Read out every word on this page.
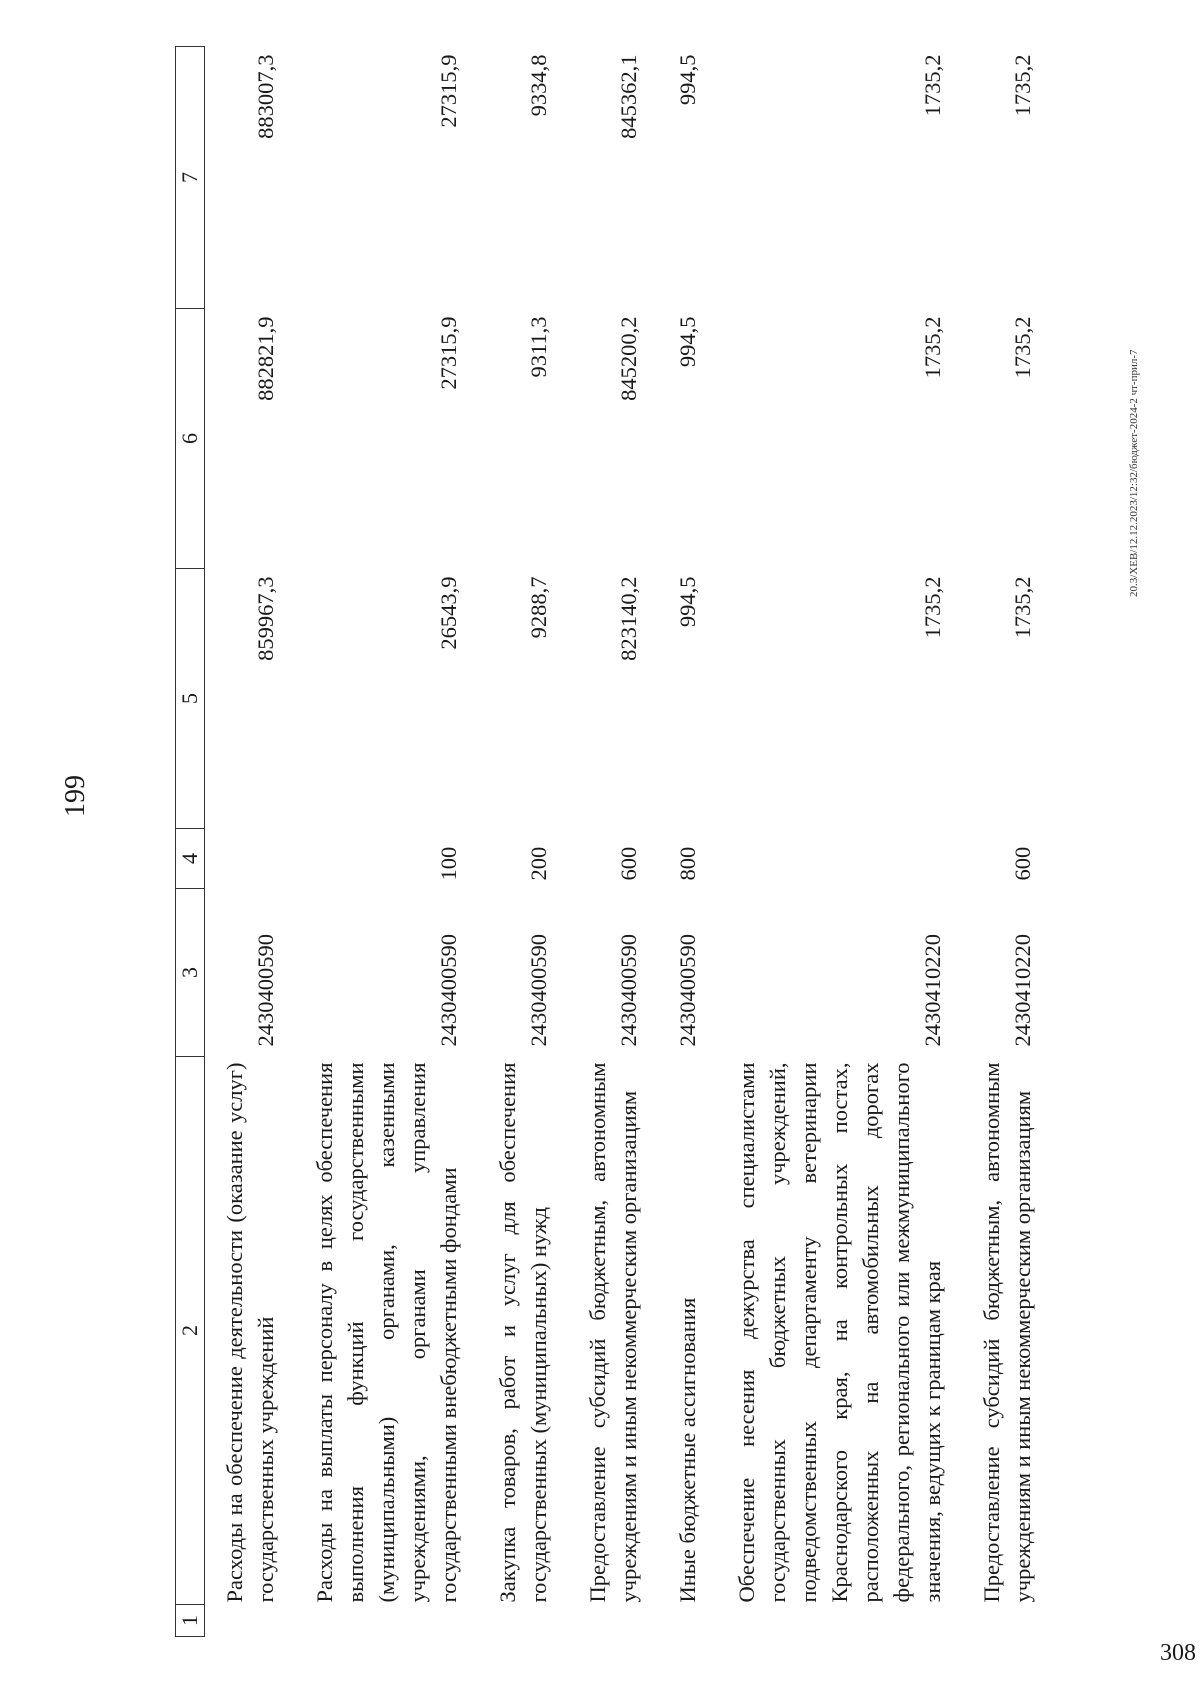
199
1	2	3	4	5	6	7
	Расходы на обеспечение деятельности (оказание услуг) государственных учреждений	2430400590		859967,3	882821,9	883007,3
	Расходы на выплаты персоналу в целях обеспечения выполнения функций государственными (муниципальными) органами, казенными учреждениями, органами управления государственными внебюджетными фондами	2430400590	100	26543,9	27315,9	27315,9
	Закупка товаров, работ и услуг для обеспечения государственных (муниципальных) нужд	2430400590	200	9288,7	9311,3	9334,8
	Предоставление субсидий бюджетным, автономным учреждениям и иным некоммерческим организациям	2430400590	600	823140,2	845200,2	845362,1
	Иные бюджетные ассигнования	2430400590	800	994,5	994,5	994,5
	Обеспечение несения дежурства специалистами государственных бюджетных учреждений, подведомственных департаменту ветеринарии Краснодарского края, на контрольных постах, расположенных на автомобильных дорогах федерального, регионального или межмуниципального значения, ведущих к границам края	2430410220		1735,2	1735,2	1735,2
	Предоставление субсидий бюджетным, автономным учреждениям и иным некоммерческим организациям	2430410220	600	1735,2	1735,2	1735,2
20.3/XEB/12.12.2023/12:32/бюджет-2024-2 чт-прил-7
308
